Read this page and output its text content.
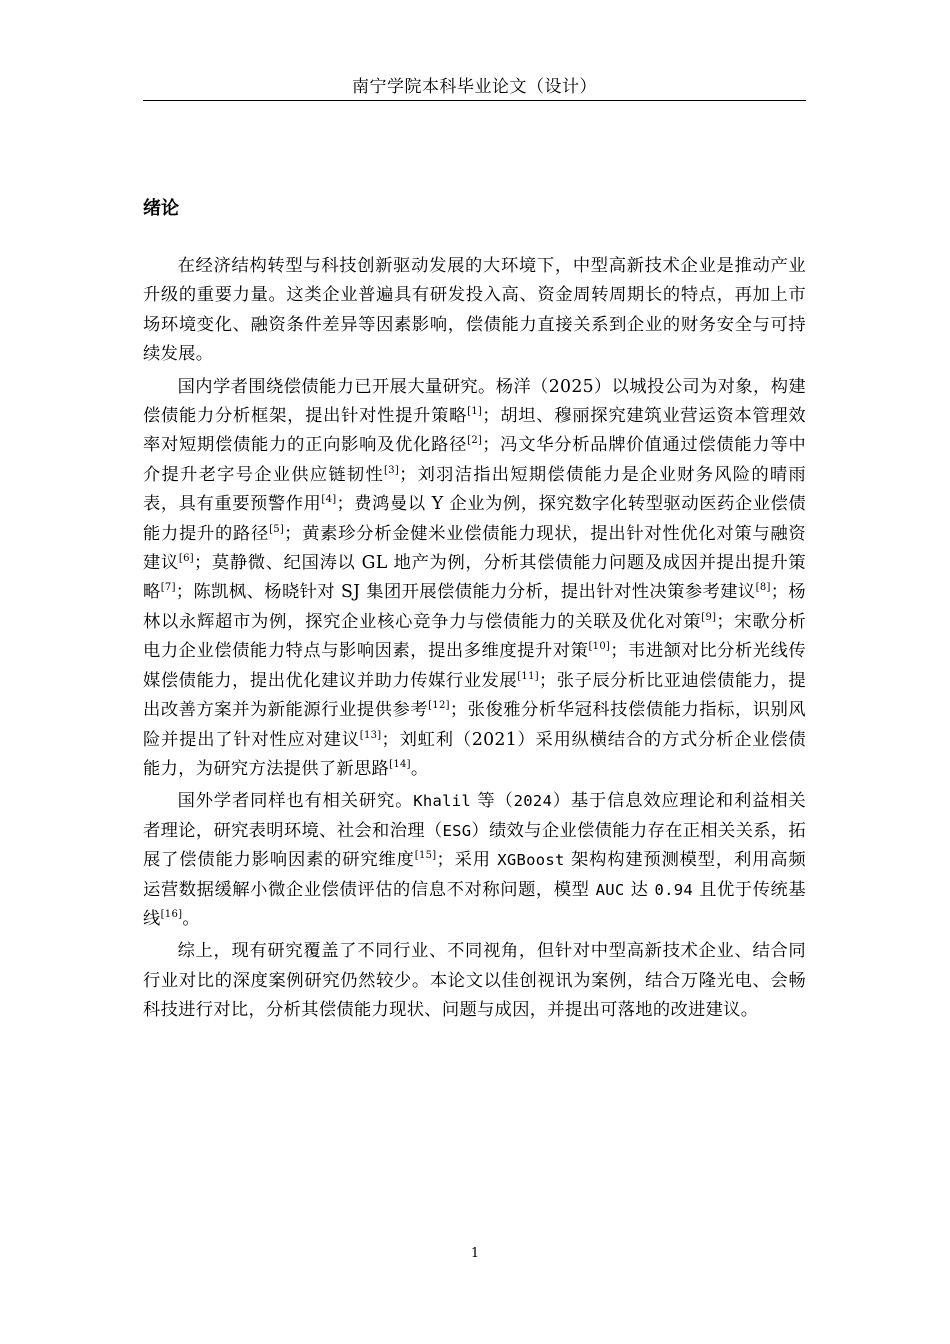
南宁学院本科毕业论文（设计）
绪论

在经济结构转型与科技创新驱动发展的大环境下，中型高新技术企业是推动产业升级的重要力量。这类企业普遍具有研发投入高、资金周转周期长的特点，再加上市场环境变化、融资条件差异等因素影响，偿债能力直接关系到企业的财务安全与可持续发展。

国内学者围绕偿债能力已开展大量研究。杨洋（2025）以城投公司为对象，构建偿债能力分析框架，提出针对性提升策略[1]；胡坦、穆丽探究建筑业营运资本管理效率对短期偿债能力的正向影响及优化路径[2]；冯文华分析品牌价值通过偿债能力等中介提升老字号企业供应链韧性[3]；刘羽洁指出短期偿债能力是企业财务风险的晴雨表，具有重要预警作用[4]；费鸿曼以 Y 企业为例，探究数字化转型驱动医药企业偿债能力提升的路径[5]；黄素珍分析金健米业偿债能力现状，提出针对性优化对策与融资建议[6]；莫静微、纪国涛以 GL 地产为例，分析其偿债能力问题及成因并提出提升策略[7]；陈凯枫、杨晓针对 SJ 集团开展偿债能力分析，提出针对性决策参考建议[8]；杨林以永辉超市为例，探究企业核心竞争力与偿债能力的关联及优化对策[9]；宋歌分析电力企业偿债能力特点与影响因素，提出多维度提升对策[10]；韦进颔对比分析光线传媒偿债能力，提出优化建议并助力传媒行业发展[11]；张子辰分析比亚迪偿债能力，提出改善方案并为新能源行业提供参考[12]；张俊雅分析华冠科技偿债能力指标，识别风险并提出了针对性应对建议[13]；刘虹利（2021）采用纵横结合的方式分析企业偿债能力，为研究方法提供了新思路[14]。

国外学者同样也有相关研究。Khalil 等（2024）基于信息效应理论和利益相关者理论，研究表明环境、社会和治理（ESG）绩效与企业偿债能力存在正相关关系，拓展了偿债能力影响因素的研究维度[15]；采用 XGBoost 架构构建预测模型，利用高频运营数据缓解小微企业偿债评估的信息不对称问题，模型 AUC 达 0.94 且优于传统基线[16]。

综上，现有研究覆盖了不同行业、不同视角，但针对中型高新技术企业、结合同行业对比的深度案例研究仍然较少。本论文以佳创视讯为案例，结合万隆光电、会畅科技进行对比，分析其偿债能力现状、问题与成因，并提出可落地的改进建议。

1
